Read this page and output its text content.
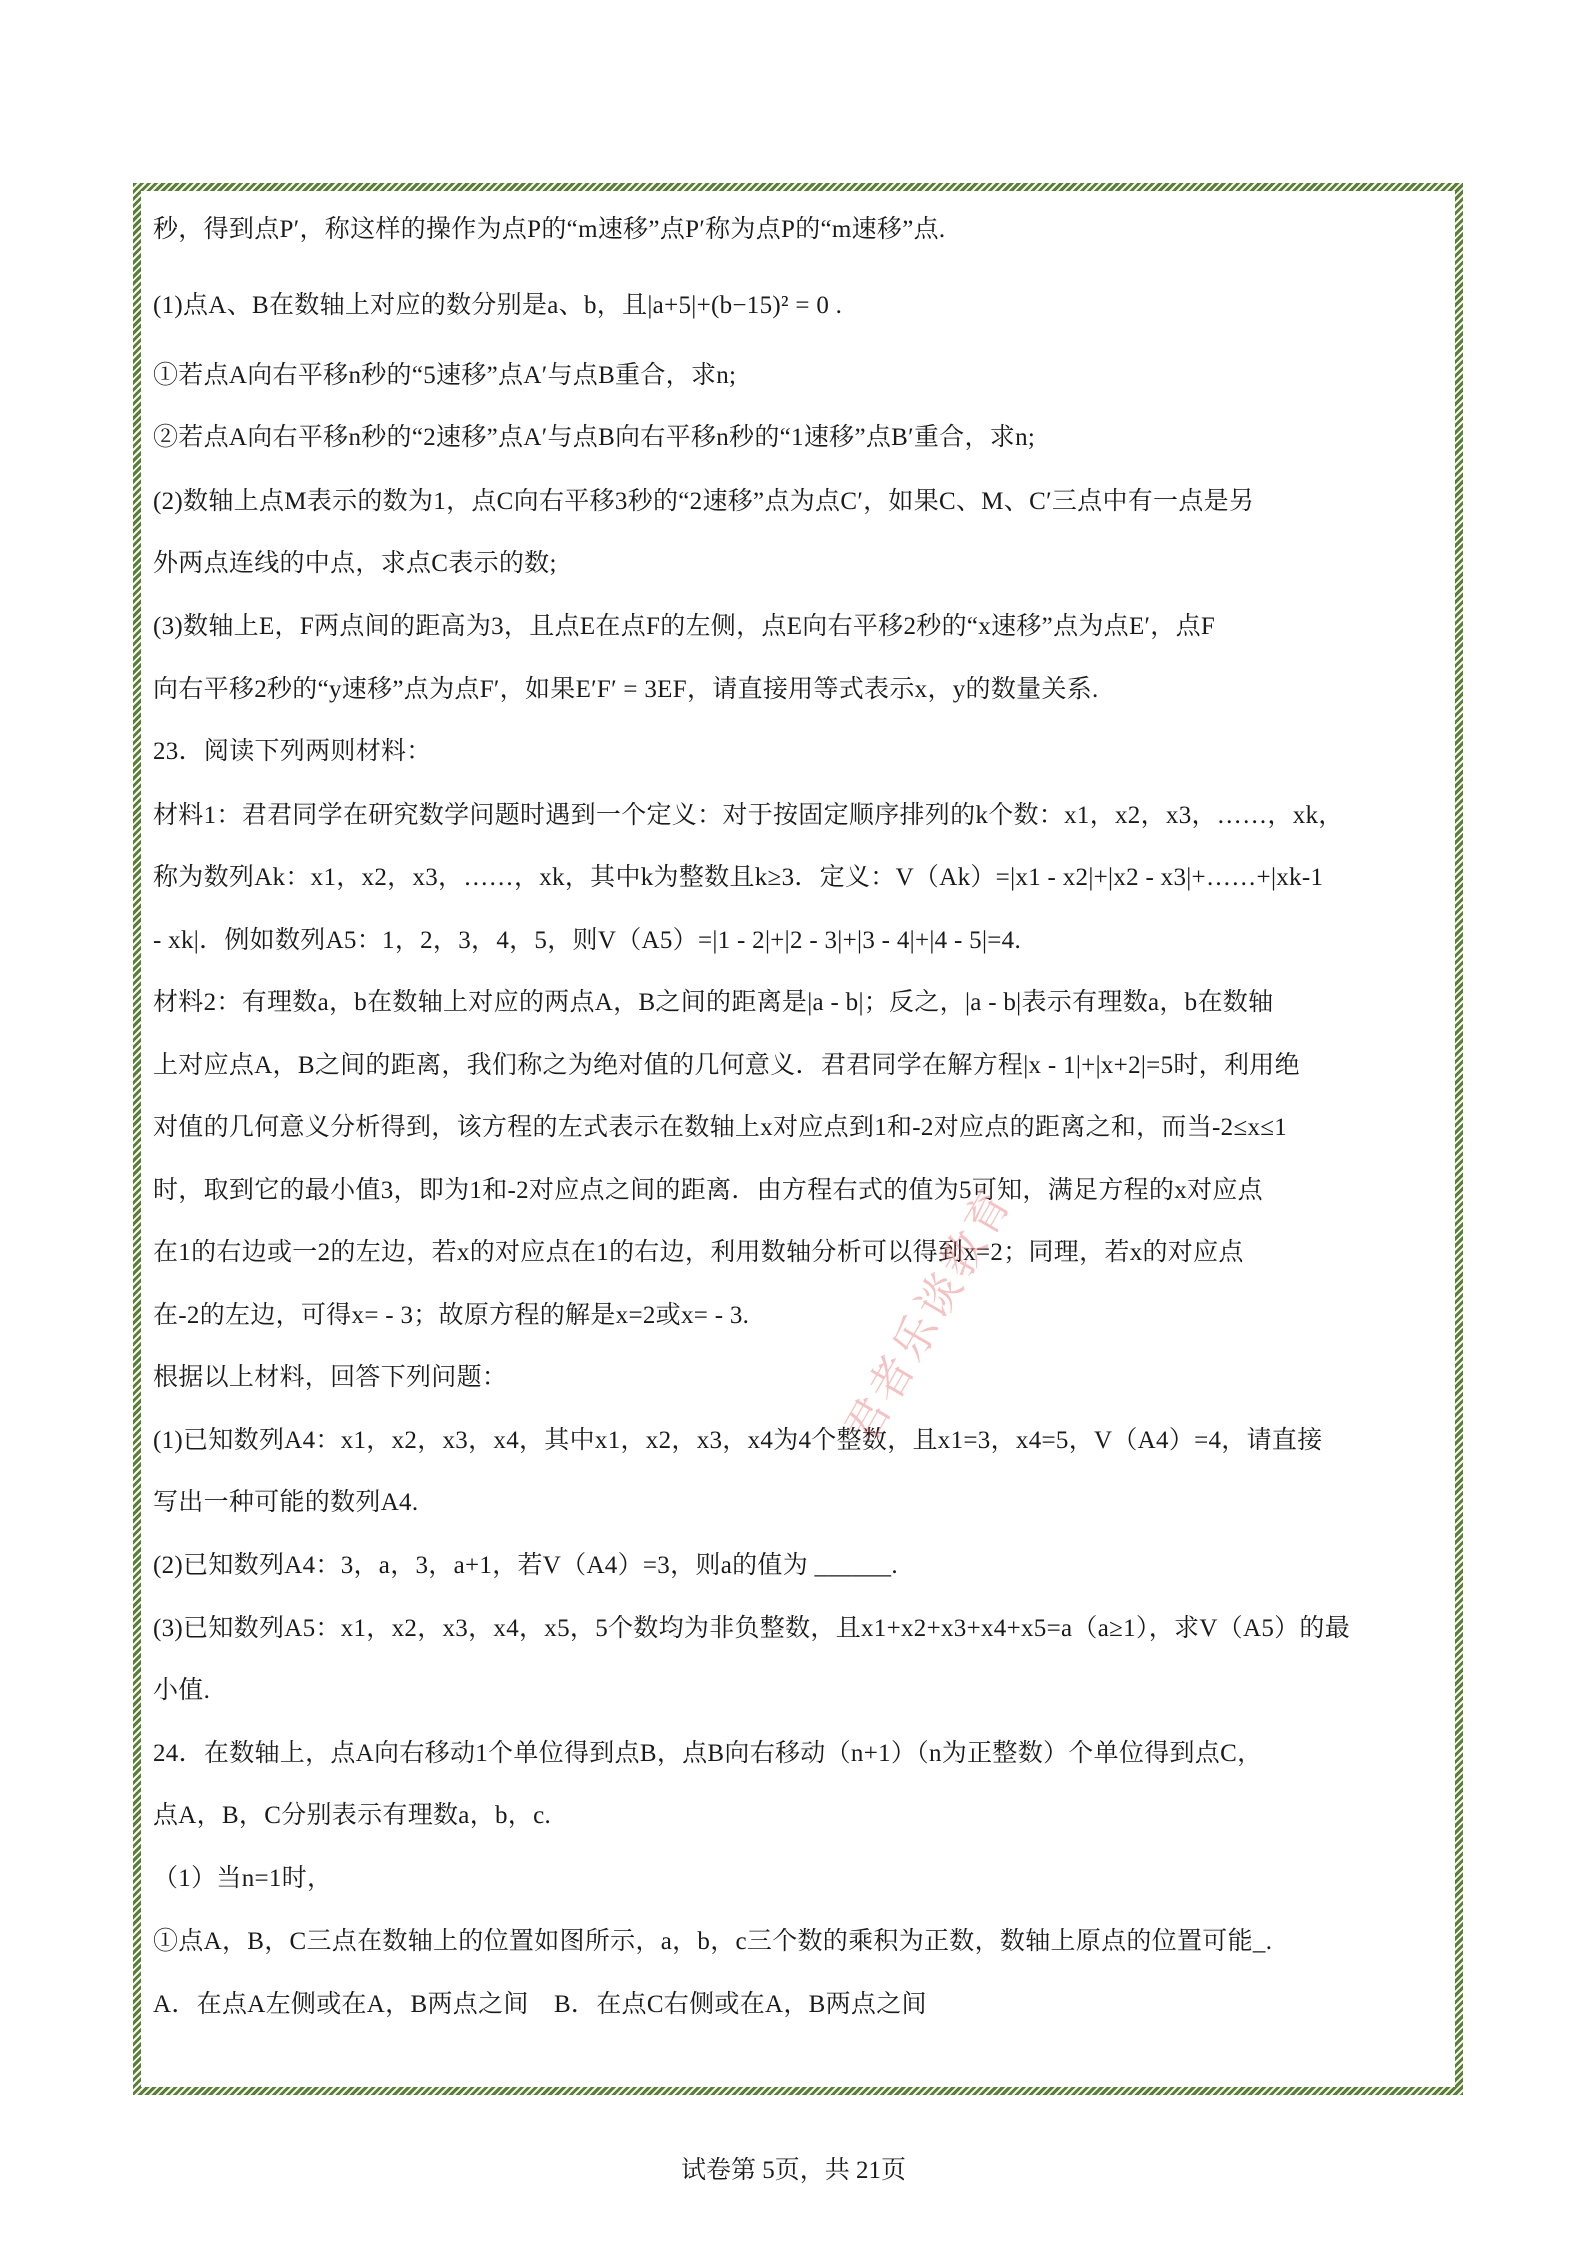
秒，得到点P′，称这样的操作为点P的“m速移”点P′称为点P的“m速移”点.
(1)点A、B在数轴上对应的数分别是a、b，且|a+5|+(b−15)² = 0 .
①若点A向右平移n秒的“5速移”点A′与点B重合，求n;
②若点A向右平移n秒的“2速移”点A′与点B向右平移n秒的“1速移”点B′重合，求n;
(2)数轴上点M表示的数为1，点C向右平移3秒的“2速移”点为点C′，如果C、M、C′三点中有一点是另
外两点连线的中点，求点C表示的数;
(3)数轴上E，F两点间的距高为3，且点E在点F的左侧，点E向右平移2秒的“x速移”点为点E′，点F
向右平移2秒的“y速移”点为点F′，如果E′F′ = 3EF，请直接用等式表示x，y的数量关系.
23．阅读下列两则材料：
材料1：君君同学在研究数学问题时遇到一个定义：对于按固定顺序排列的k个数：x1，x2，x3，……，xk，
称为数列Ak：x1，x2，x3，……，xk，其中k为整数且k≥3．定义：V（Ak）=|x1 - x2|+|x2 - x3|+……+|xk-1
- xk|．例如数列A5：1，2，3，4，5，则V（A5）=|1 - 2|+|2 - 3|+|3 - 4|+|4 - 5|=4.
材料2：有理数a，b在数轴上对应的两点A，B之间的距离是|a - b|；反之，|a - b|表示有理数a，b在数轴
上对应点A，B之间的距离，我们称之为绝对值的几何意义．君君同学在解方程|x - 1|+|x+2|=5时，利用绝
对值的几何意义分析得到，该方程的左式表示在数轴上x对应点到1和-2对应点的距离之和，而当-2≤x≤1
时，取到它的最小值3，即为1和-2对应点之间的距离．由方程右式的值为5可知，满足方程的x对应点
在1的右边或一2的左边，若x的对应点在1的右边，利用数轴分析可以得到x=2；同理，若x的对应点
在-2的左边，可得x= - 3；故原方程的解是x=2或x= - 3.
根据以上材料，回答下列问题：
(1)已知数列A4：x1，x2，x3，x4，其中x1，x2，x3，x4为4个整数，且x1=3，x4=5，V（A4）=4，请直接
写出一种可能的数列A4.
(2)已知数列A4：3，a，3，a+1，若V（A4）=3，则a的值为 ______.
(3)已知数列A5：x1，x2，x3，x4，x5，5个数均为非负整数，且x1+x2+x3+x4+x5=a（a≥1），求V（A5）的最
小值.
24．在数轴上，点A向右移动1个单位得到点B，点B向右移动（n+1）（n为正整数）个单位得到点C，
点A，B，C分别表示有理数a，b，c.
（1）当n=1时，
①点A，B，C三点在数轴上的位置如图所示，a，b，c三个数的乘积为正数，数轴上原点的位置可能_.
A．在点A左侧或在A，B两点之间　B．在点C右侧或在A，B两点之间
君者乐谈教育
试卷第 5页，共 21页
